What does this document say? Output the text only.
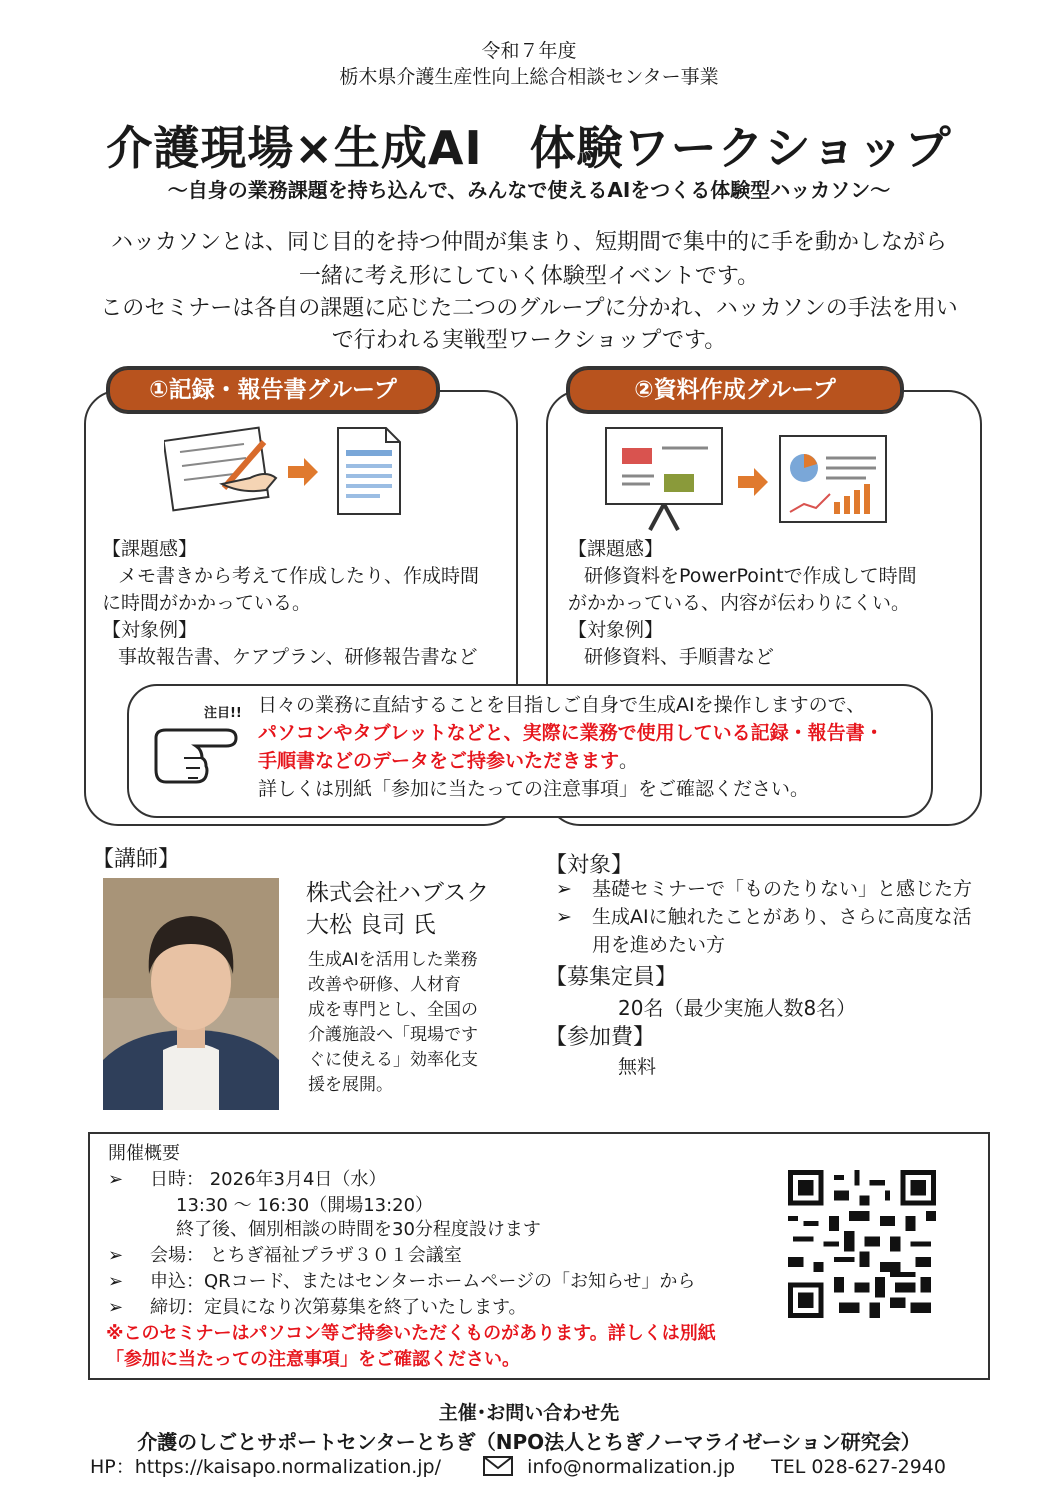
令和７年度
栃木県介護生産性向上総合相談センター事業
介護現場×生成AI　体験ワークショップ
～自身の業務課題を持ち込んで、みんなで使えるAIをつくる体験型ハッカソン～
ハッカソンとは、同じ目的を持つ仲間が集まり、短期間で集中的に手を動かしながら
一緒に考え形にしていく体験型イベントです。
このセミナーは各自の課題に応じた二つのグループに分かれ、ハッカソンの手法を用い
で行われる実戦型ワークショップです。
①記録・報告書グループ	②資料作成グループ
【課題感】
メモ書きから考えて作成したり、作成時間
に時間がかかっている。
【対象例】
事故報告書、ケアプラン、研修報告書など
【課題感】
研修資料をPowerPointで作成して時間
がかかっている、内容が伝わりにくい。
【対象例】
研修資料、手順書など
注目!! 日々の業務に直結することを目指しご自身で生成AIを操作しますので、
パソコンやタブレットなどと、実際に業務で使用している記録・報告書・
手順書などのデータをご持参いただきます。
詳しくは別紙「参加に当たっての注意事項」をご確認ください。
【講師】
株式会社ハブスク
大松 良司 氏
生成AIを活用した業務
改善や研修、人材育
成を専門とし、全国の
介護施設へ「現場です
ぐに使える」効率化支
援を展開。
【対象】
➢ 基礎セミナーで「ものたりない」と感じた方
➢ 生成AIに触れたことがあり、さらに高度な活
用を進めたい方
【募集定員】
20名（最少実施人数8名）
【参加費】
無料
開催概要
➢ 日時： 2026年3月4日（水）
13:30 ～ 16:30（開場13:20）
終了後、個別相談の時間を30分程度設けます
➢ 会場： とちぎ福祉プラザ３０１会議室
➢ 申込：QRコード、またはセンターホームページの「お知らせ」から
➢ 締切：定員になり次第募集を終了いたします。
※このセミナーはパソコン等ご持参いただくものがあります。詳しくは別紙
「参加に当たっての注意事項」をご確認ください。
主催･お問い合わせ先
介護のしごとサポートセンターとちぎ（NPO法人とちぎノーマライゼーション研究会）
HP：https://kaisapo.normalization.jp/	info@normalization.jp TEL 028-627-2940
